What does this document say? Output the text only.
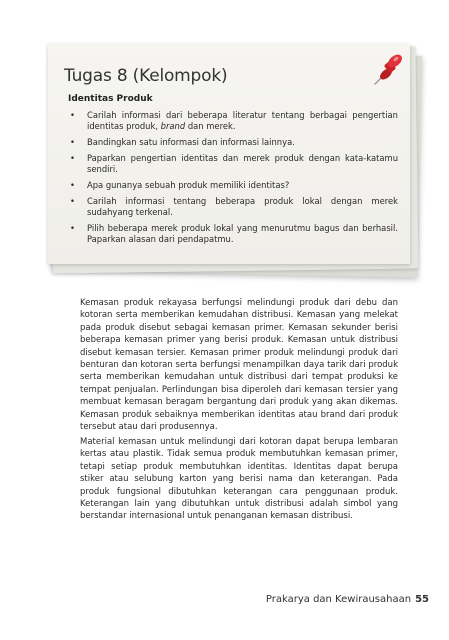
Tugas 8 (Kelompok)
Identitas Produk
• Carilah informasi dari beberapa literatur tentang berbagai pengertian identitas produk, brand dan merek.
• Bandingkan satu informasi dan informasi lainnya.
• Paparkan pengertian identitas dan merek produk dengan kata-katamu sendiri.
• Apa gunanya sebuah produk memiliki identitas?
• Carilah informasi tentang beberapa produk lokal dengan merek sudahyang terkenal.
• Pilih beberapa merek produk lokal yang menurutmu bagus dan berhasil. Paparkan alasan dari pendapatmu.

Kemasan produk rekayasa berfungsi melindungi produk dari debu dan kotoran serta memberikan kemudahan distribusi. Kemasan yang melekat pada produk disebut sebagai kemasan primer. Kemasan sekunder berisi beberapa kemasan primer yang berisi produk. Kemasan untuk distribusi disebut kemasan tersier. Kemasan primer produk melindungi produk dari benturan dan kotoran serta berfungsi menampilkan daya tarik dari produk serta memberikan kemudahan untuk distribusi dari tempat produksi ke tempat penjualan. Perlindungan bisa diperoleh dari kemasan tersier yang membuat kemasan beragam bergantung dari produk yang akan dikemas. Kemasan produk sebaiknya memberikan identitas atau brand dari produk tersebut atau dari produsennya.

Material kemasan untuk melindungi dari kotoran dapat berupa lembaran kertas atau plastik. Tidak semua produk membutuhkan kemasan primer, tetapi setiap produk membutuhkan identitas. Identitas dapat berupa stiker atau selubung karton yang berisi nama dan keterangan. Pada produk fungsional dibutuhkan keterangan cara penggunaan produk. Keterangan lain yang dibutuhkan untuk distribusi adalah simbol yang berstandar internasional untuk penanganan kemasan distribusi.

Prakarya dan Kewirausahaan 55
